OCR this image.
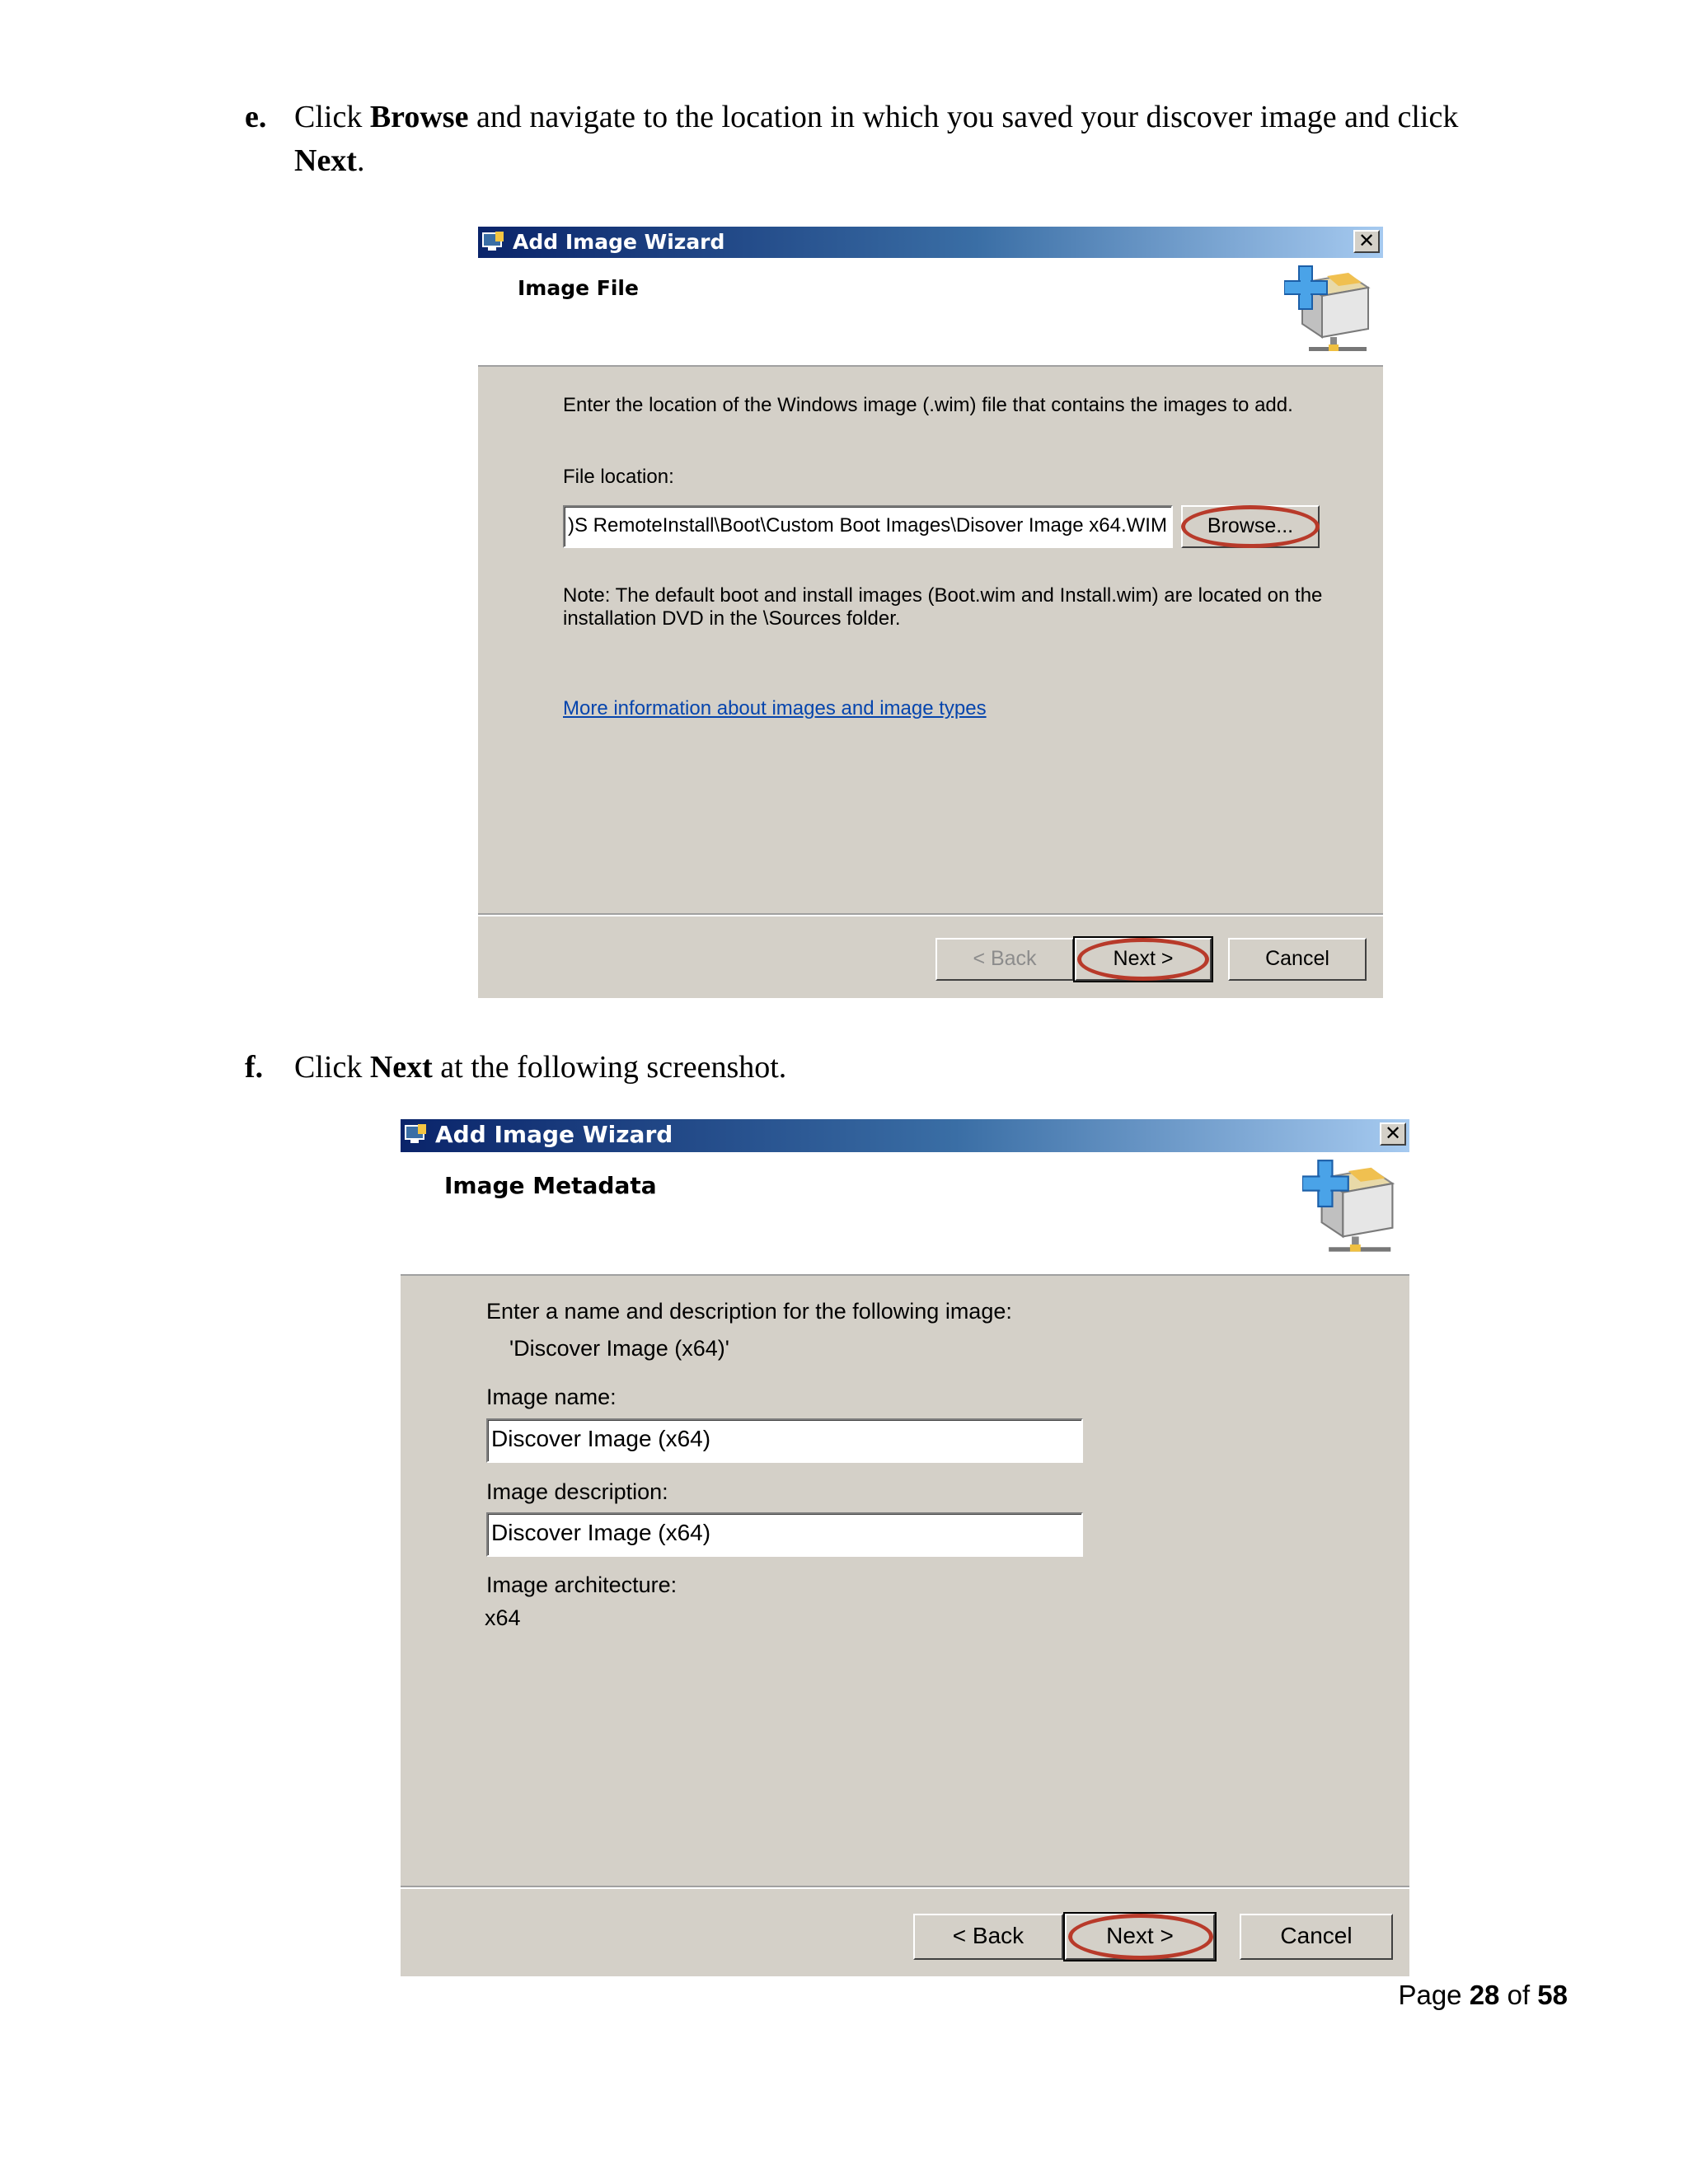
e. Click Browse and navigate to the location in which you saved your discover image and click
Next.
Add Image Wizard	✕
Image File
Enter the location of the Windows image (.wim) file that contains the images to add.
File location:
)S RemoteInstall\Boot\Custom Boot Images\Disover Image x64.WIM	Browse...
Note: The default boot and install images (Boot.wim and Install.wim) are located on the
installation DVD in the \Sources folder.
More information about images and image types
< Back	Next >	Cancel
f. Click Next at the following screenshot.
Add Image Wizard	✕
Image Metadata
Enter a name and description for the following image:
'Discover Image (x64)'
Image name:
Discover Image (x64)
Image description:
Discover Image (x64)
Image architecture:
x64
< Back	Next >	Cancel
Page 28 of 58
